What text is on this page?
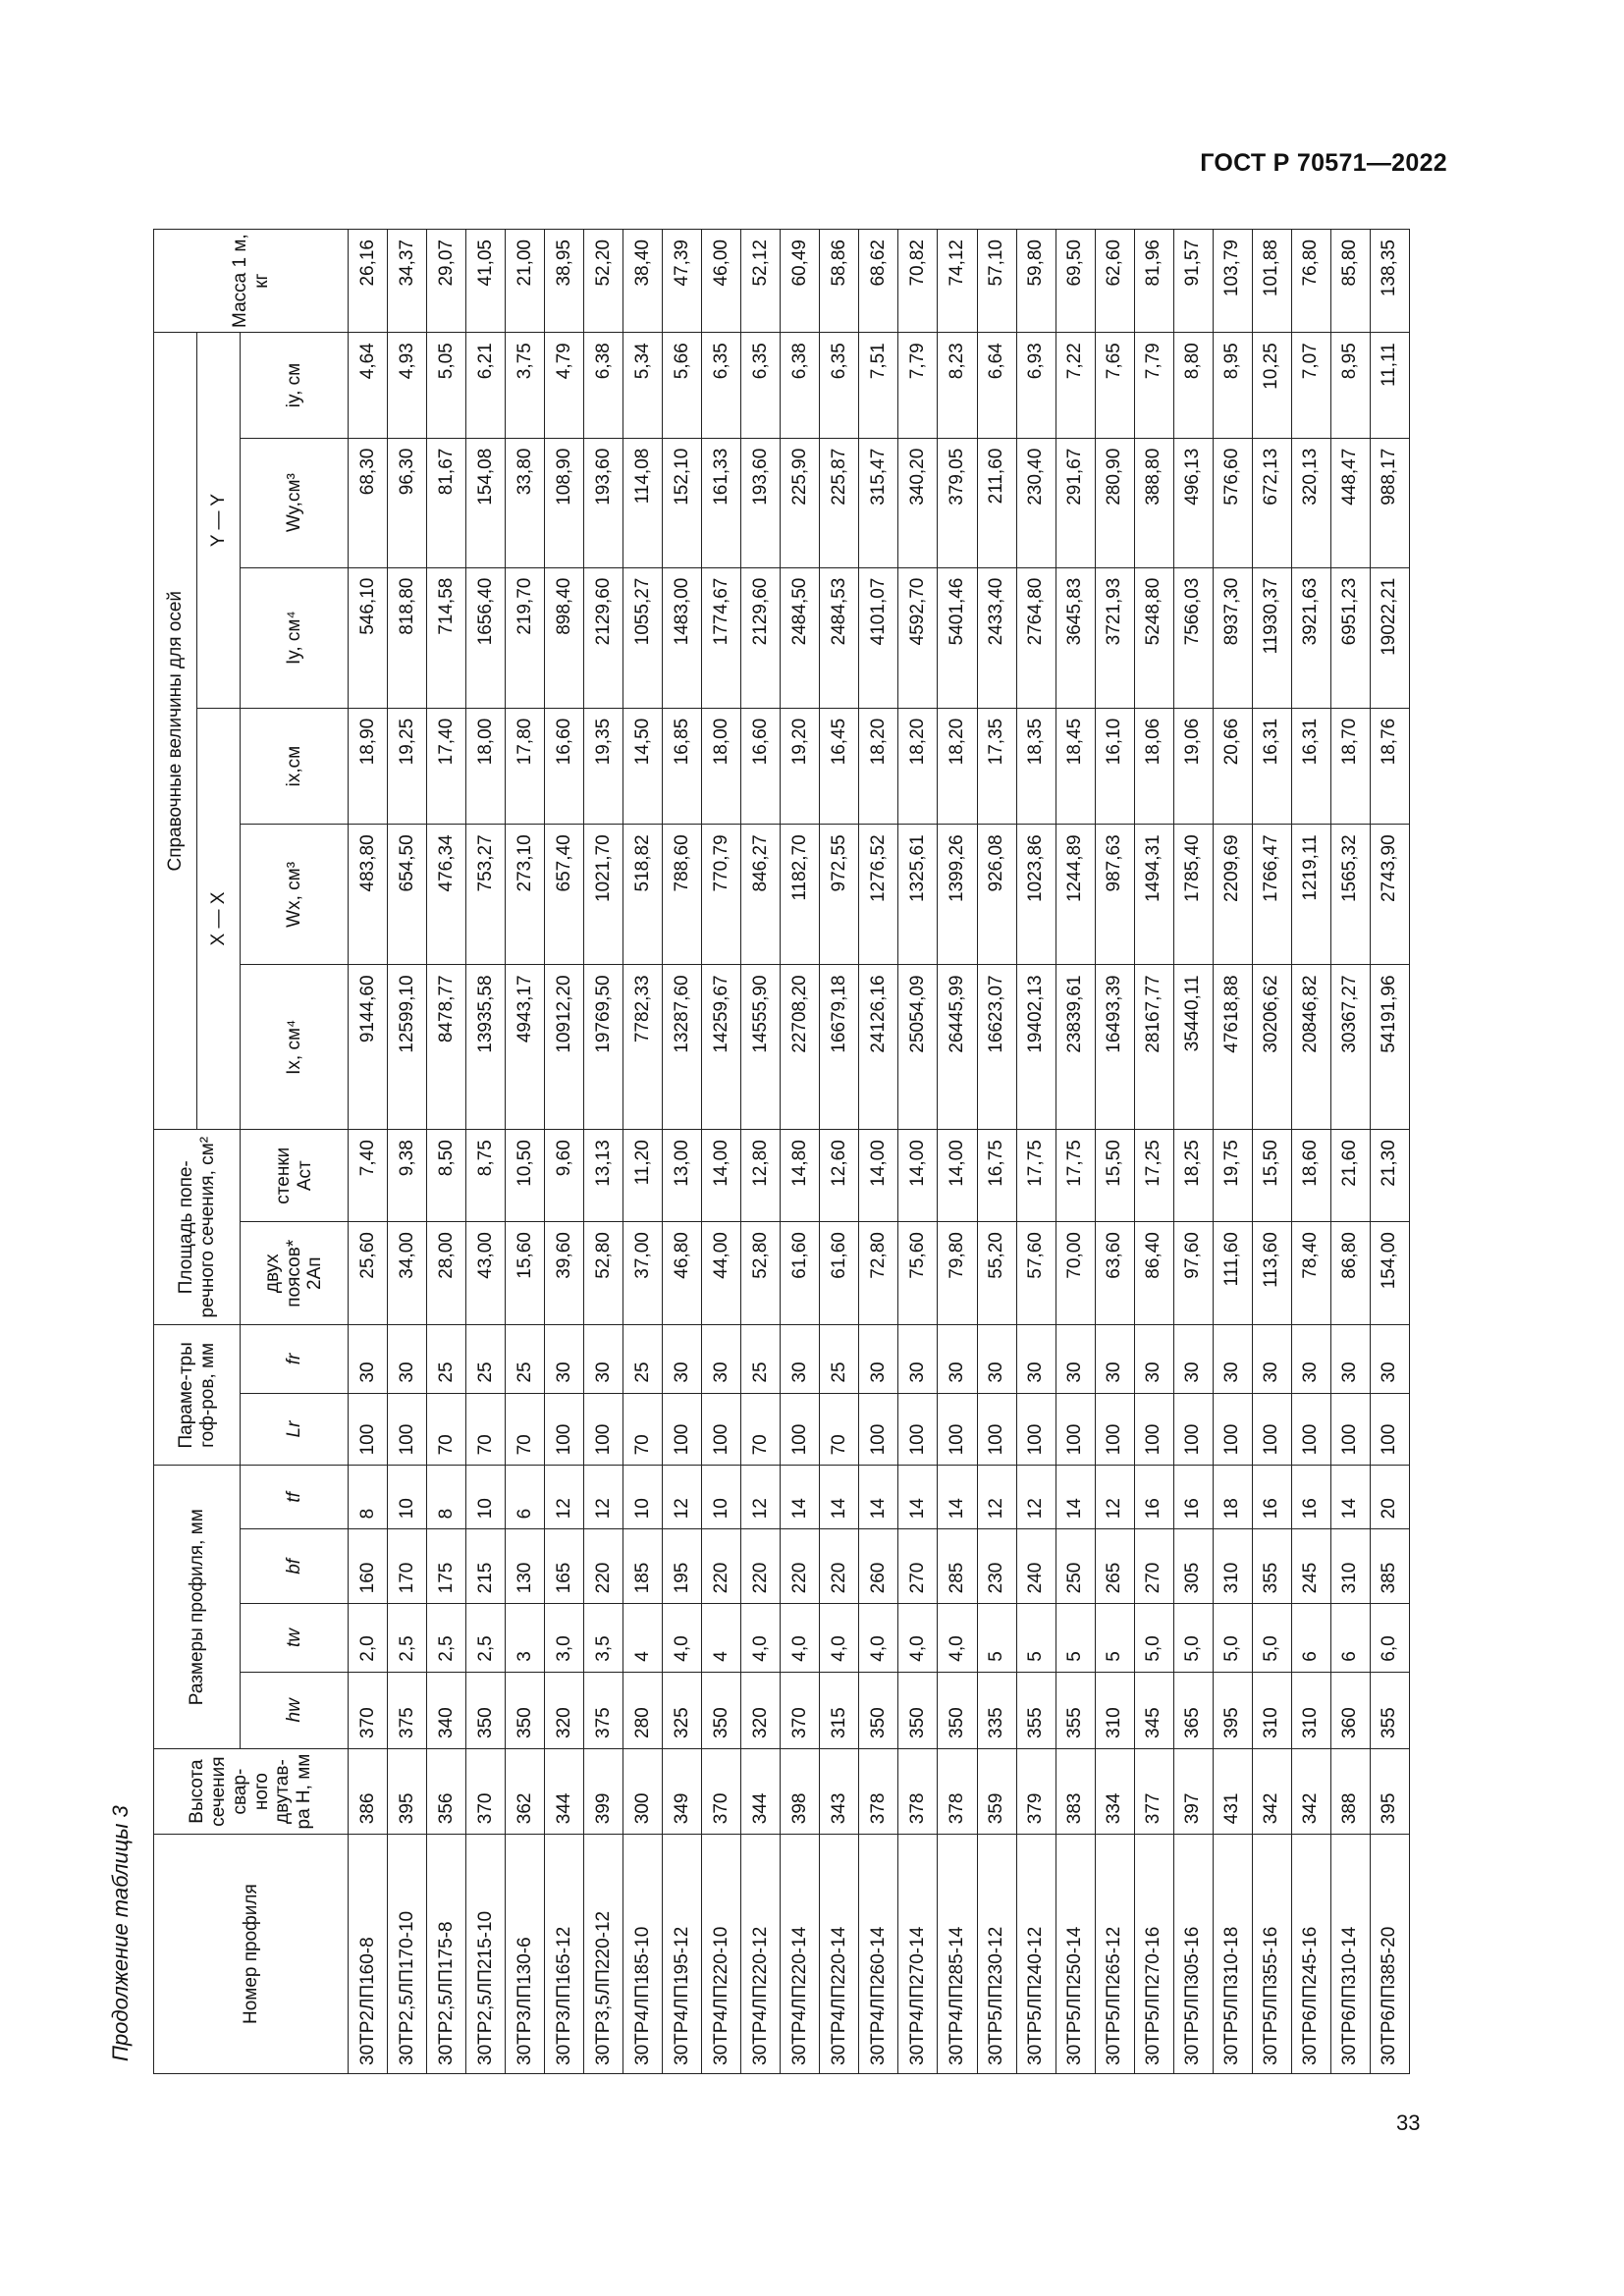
ГОСТ Р 70571—2022
Продолжение таблицы 3
33
Номер профиля	Высота сечения свар-ного двутав-ра H, мм	Размеры профиля, мм				Параме-тры гоф-ров, мм		Площадь попе-речного сечения, см²		Справочные величины для осей						Масса 1 м, кг
										X — X			Y — Y			
		hw	tw	bf	tf	Lr	fr	двух поясов* 2Aп	стенки Aст	Ix, см⁴	Wx, см³	ix,см	Iy, см⁴	Wy,см³	iy, см	
30ТР2ЛП160-8	386	370	2,0	160	8	100	30	25,60	7,40	9144,60	483,80	18,90	546,10	68,30	4,64	26,16
30ТР2,5ЛП170-10	395	375	2,5	170	10	100	30	34,00	9,38	12599,10	654,50	19,25	818,80	96,30	4,93	34,37
30ТР2,5ЛП175-8	356	340	2,5	175	8	70	25	28,00	8,50	8478,77	476,34	17,40	714,58	81,67	5,05	29,07
30ТР2,5ЛП215-10	370	350	2,5	215	10	70	25	43,00	8,75	13935,58	753,27	18,00	1656,40	154,08	6,21	41,05
30ТР3ЛП130-6	362	350	3	130	6	70	25	15,60	10,50	4943,17	273,10	17,80	219,70	33,80	3,75	21,00
30ТР3ЛП165-12	344	320	3,0	165	12	100	30	39,60	9,60	10912,20	657,40	16,60	898,40	108,90	4,79	38,95
30ТР3,5ЛП220-12	399	375	3,5	220	12	100	30	52,80	13,13	19769,50	1021,70	19,35	2129,60	193,60	6,38	52,20
30ТР4ЛП185-10	300	280	4	185	10	70	25	37,00	11,20	7782,33	518,82	14,50	1055,27	114,08	5,34	38,40
30ТР4ЛП195-12	349	325	4,0	195	12	100	30	46,80	13,00	13287,60	788,60	16,85	1483,00	152,10	5,66	47,39
30ТР4ЛП220-10	370	350	4	220	10	100	30	44,00	14,00	14259,67	770,79	18,00	1774,67	161,33	6,35	46,00
30ТР4ЛП220-12	344	320	4,0	220	12	70	25	52,80	12,80	14555,90	846,27	16,60	2129,60	193,60	6,35	52,12
30ТР4ЛП220-14	398	370	4,0	220	14	100	30	61,60	14,80	22708,20	1182,70	19,20	2484,50	225,90	6,38	60,49
30ТР4ЛП220-14	343	315	4,0	220	14	70	25	61,60	12,60	16679,18	972,55	16,45	2484,53	225,87	6,35	58,86
30ТР4ЛП260-14	378	350	4,0	260	14	100	30	72,80	14,00	24126,16	1276,52	18,20	4101,07	315,47	7,51	68,62
30ТР4ЛП270-14	378	350	4,0	270	14	100	30	75,60	14,00	25054,09	1325,61	18,20	4592,70	340,20	7,79	70,82
30ТР4ЛП285-14	378	350	4,0	285	14	100	30	79,80	14,00	26445,99	1399,26	18,20	5401,46	379,05	8,23	74,12
30ТР5ЛП230-12	359	335	5	230	12	100	30	55,20	16,75	16623,07	926,08	17,35	2433,40	211,60	6,64	57,10
30ТР5ЛП240-12	379	355	5	240	12	100	30	57,60	17,75	19402,13	1023,86	18,35	2764,80	230,40	6,93	59,80
30ТР5ЛП250-14	383	355	5	250	14	100	30	70,00	17,75	23839,61	1244,89	18,45	3645,83	291,67	7,22	69,50
30ТР5ЛП265-12	334	310	5	265	12	100	30	63,60	15,50	16493,39	987,63	16,10	3721,93	280,90	7,65	62,60
30ТР5ЛП270-16	377	345	5,0	270	16	100	30	86,40	17,25	28167,77	1494,31	18,06	5248,80	388,80	7,79	81,96
30ТР5ЛП305-16	397	365	5,0	305	16	100	30	97,60	18,25	35440,11	1785,40	19,06	7566,03	496,13	8,80	91,57
30ТР5ЛП310-18	431	395	5,0	310	18	100	30	111,60	19,75	47618,88	2209,69	20,66	8937,30	576,60	8,95	103,79
30ТР5ЛП355-16	342	310	5,0	355	16	100	30	113,60	15,50	30206,62	1766,47	16,31	11930,37	672,13	10,25	101,88
30ТР6ЛП245-16	342	310	6	245	16	100	30	78,40	18,60	20846,82	1219,11	16,31	3921,63	320,13	7,07	76,80
30ТР6ЛП310-14	388	360	6	310	14	100	30	86,80	21,60	30367,27	1565,32	18,70	6951,23	448,47	8,95	85,80
30ТР6ЛП385-20	395	355	6,0	385	20	100	30	154,00	21,30	54191,96	2743,90	18,76	19022,21	988,17	11,11	138,35
